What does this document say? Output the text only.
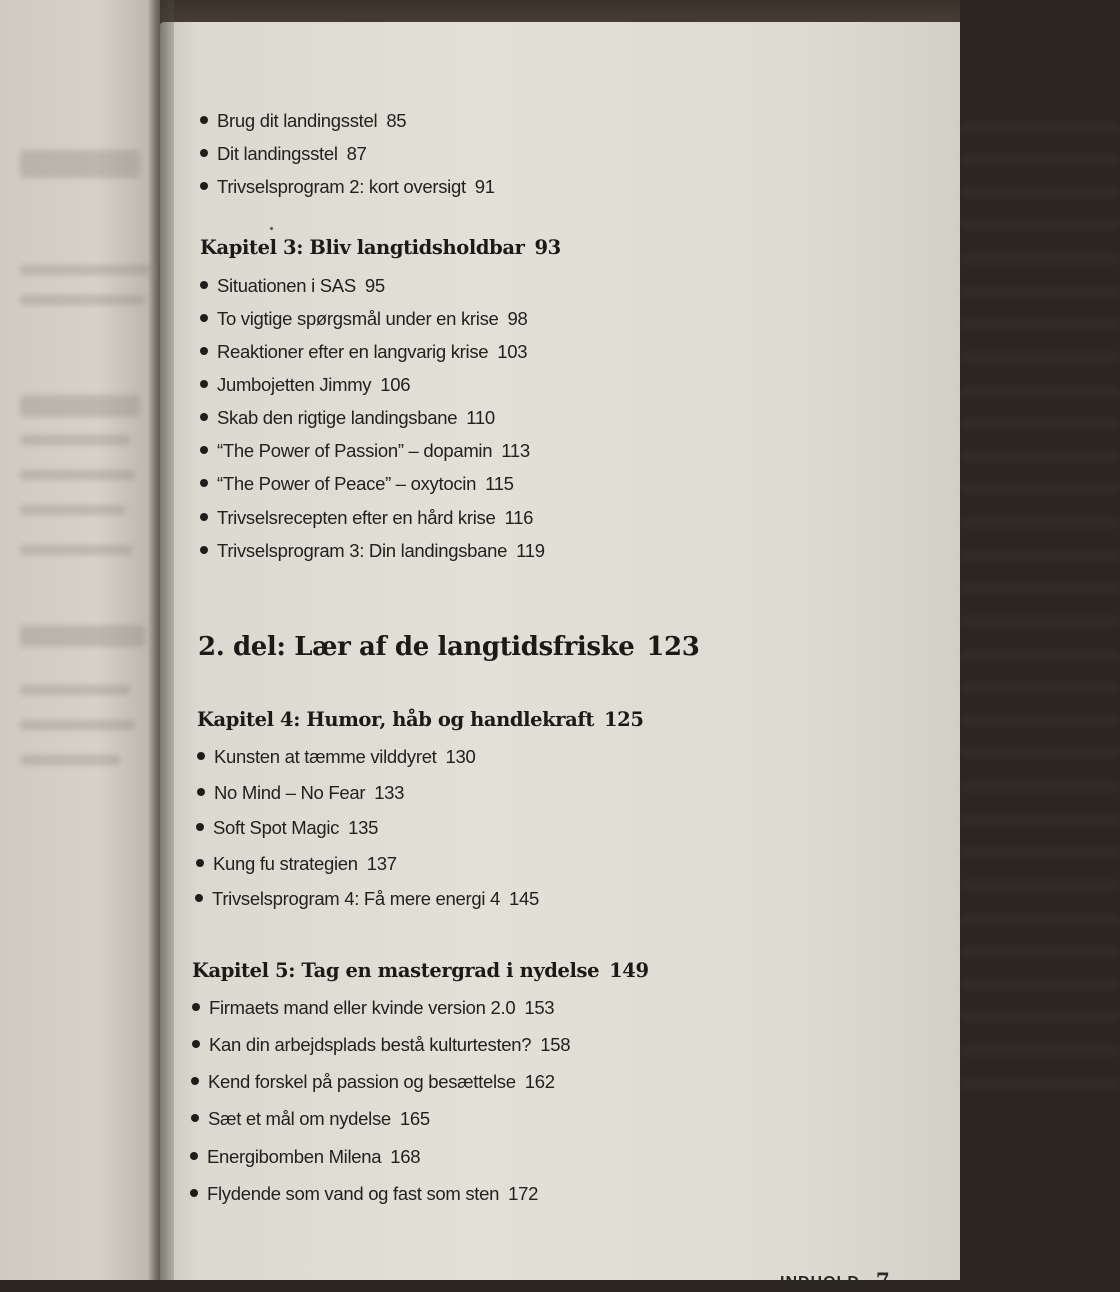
Brug dit landingsstel 85
Dit landingsstel 87
Trivselsprogram 2: kort oversigt 91
Kapitel 3: Bliv langtidsholdbar 93
Situationen i SAS 95
To vigtige spørgsmål under en krise 98
Reaktioner efter en langvarig krise 103
Jumbojetten Jimmy 106
Skab den rigtige landingsbane 110
“The Power of Passion” – dopamin 113
“The Power of Peace” – oxytocin 115
Trivselsrecepten efter en hård krise 116
Trivselsprogram 3: Din landingsbane 119
2. del: Lær af de langtidsfriske 123
Kapitel 4: Humor, håb og handlekraft 125
Kunsten at tæmme vilddyret 130
No Mind – No Fear 133
Soft Spot Magic 135
Kung fu strategien 137
Trivselsprogram 4: Få mere energi 4 145
Kapitel 5: Tag en mastergrad i nydelse 149
Firmaets mand eller kvinde version 2.0 153
Kan din arbejdsplads bestå kulturtesten? 158
Kend forskel på passion og besættelse 162
Sæt et mål om nydelse 165
Energibomben Milena 168
Flydende som vand og fast som sten 172
INDHOLD 7
